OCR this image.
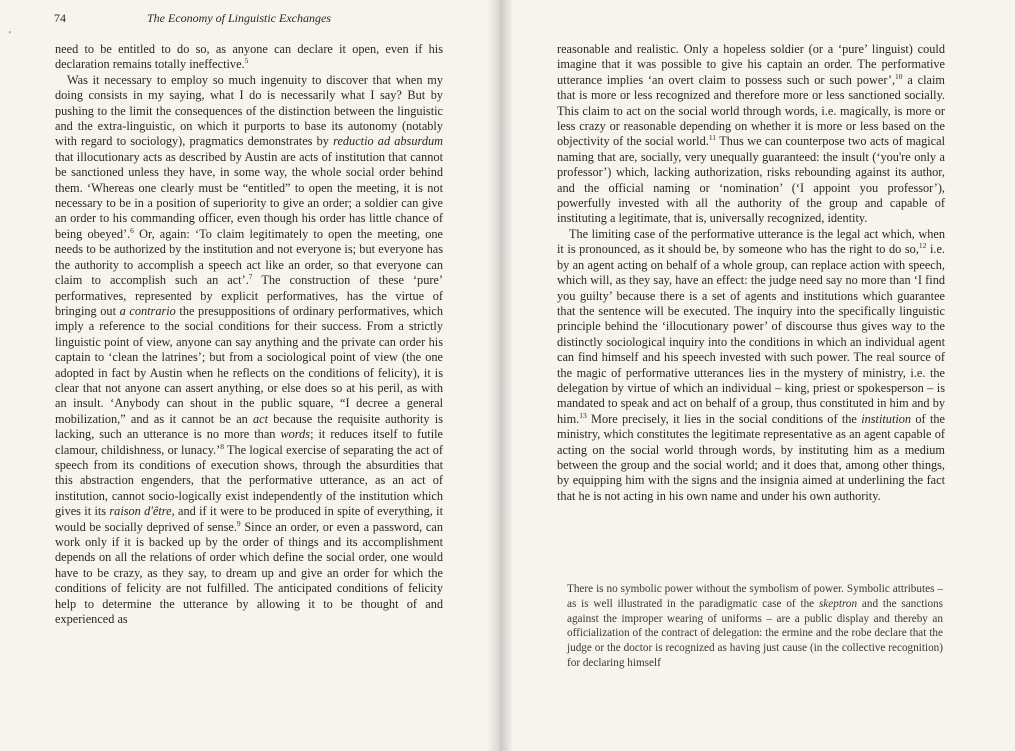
•
74	The Economy of Linguistic Exchanges

need to be entitled to do so, as anyone can declare it open, even if his declaration remains totally ineffective.$^5$

Was it necessary to employ so much ingenuity to discover that when my doing consists in my saying, what I do is necessarily what I say? But by pushing to the limit the consequences of the distinction between the linguistic and the extra-linguistic, on which it purports to base its autonomy (notably with regard to sociology), pragmatics demonstrates by reductio ad absurdum that illocutionary acts as described by Austin are acts of institution that cannot be sanctioned unless they have, in some way, the whole social order behind them. ‘Whereas one clearly must be “entitled” to open the meeting, it is not necessary to be in a position of superiority to give an order; a soldier can give an order to his commanding officer, even though his order has little chance of being obeyed’.$^6$ Or, again: ‘To claim legitimately to open the meeting, one needs to be authorized by the institution and not everyone is; but everyone has the authority to accomplish a speech act like an order, so that everyone can claim to accomplish such an act’.$^7$ The construction of these ‘pure’ performatives, represented by explicit performatives, has the virtue of bringing out a contrario the presuppositions of ordinary performatives, which imply a reference to the social conditions for their success. From a strictly linguistic point of view, anyone can say anything and the private can order his captain to ‘clean the latrines’; but from a sociological point of view (the one adopted in fact by Austin when he reflects on the conditions of felicity), it is clear that not anyone can assert anything, or else does so at his peril, as with an insult. ‘Anybody can shout in the public square, “I decree a general mobilization,” and as it cannot be an act because the requisite authority is lacking, such an utterance is no more than words; it reduces itself to futile clamour, childishness, or lunacy.’$^8$ The logical exercise of separating the act of speech from its conditions of execution shows, through the absurdities that this abstraction engenders, that the performative utterance, as an act of institution, cannot socio-logically exist independently of the institution which gives it its raison d'être, and if it were to be produced in spite of everything, it would be socially deprived of sense.$^9$ Since an order, or even a password, can work only if it is backed up by the order of things and its accomplishment depends on all the relations of order which define the social order, one would have to be crazy, as they say, to dream up and give an order for which the conditions of felicity are not fulfilled. The anticipated conditions of felicity help to determine the utterance by allowing it to be thought of and experienced as

reasonable and realistic. Only a hopeless soldier (or a ‘pure’ linguist) could imagine that it was possible to give his captain an order. The performative utterance implies ‘an overt claim to possess such or such power’,$^{10}$ a claim that is more or less recognized and therefore more or less sanctioned socially. This claim to act on the social world through words, i.e. magically, is more or less crazy or reasonable depending on whether it is more or less based on the objectivity of the social world.$^{11}$ Thus we can counterpose two acts of magical naming that are, socially, very unequally guaranteed: the insult (‘you're only a professor’) which, lacking authorization, risks rebounding against its author, and the official naming or ‘nomination’ (‘I appoint you professor’), powerfully invested with all the authority of the group and capable of instituting a legitimate, that is, universally recognized, identity.

The limiting case of the performative utterance is the legal act which, when it is pronounced, as it should be, by someone who has the right to do so,$^{12}$ i.e. by an agent acting on behalf of a whole group, can replace action with speech, which will, as they say, have an effect: the judge need say no more than ‘I find you guilty’ because there is a set of agents and institutions which guarantee that the sentence will be executed. The inquiry into the specifically linguistic principle behind the ‘illocutionary power’ of discourse thus gives way to the distinctly sociological inquiry into the conditions in which an individual agent can find himself and his speech invested with such power. The real source of the magic of performative utterances lies in the mystery of ministry, i.e. the delegation by virtue of which an individual – king, priest or spokesperson – is mandated to speak and act on behalf of a group, thus constituted in him and by him.$^{13}$ More precisely, it lies in the social conditions of the institution of the ministry, which constitutes the legitimate representative as an agent capable of acting on the social world through words, by instituting him as a medium between the group and the social world; and it does that, among other things, by equipping him with the signs and the insignia aimed at underlining the fact that he is not acting in his own name and under his own authority.

There is no symbolic power without the symbolism of power. Symbolic attributes – as is well illustrated in the paradigmatic case of the skeptron and the sanctions against the improper wearing of uniforms – are a public display and thereby an officialization of the contract of delegation: the ermine and the robe declare that the judge or the doctor is recognized as having just cause (in the collective recognition) for declaring himself
